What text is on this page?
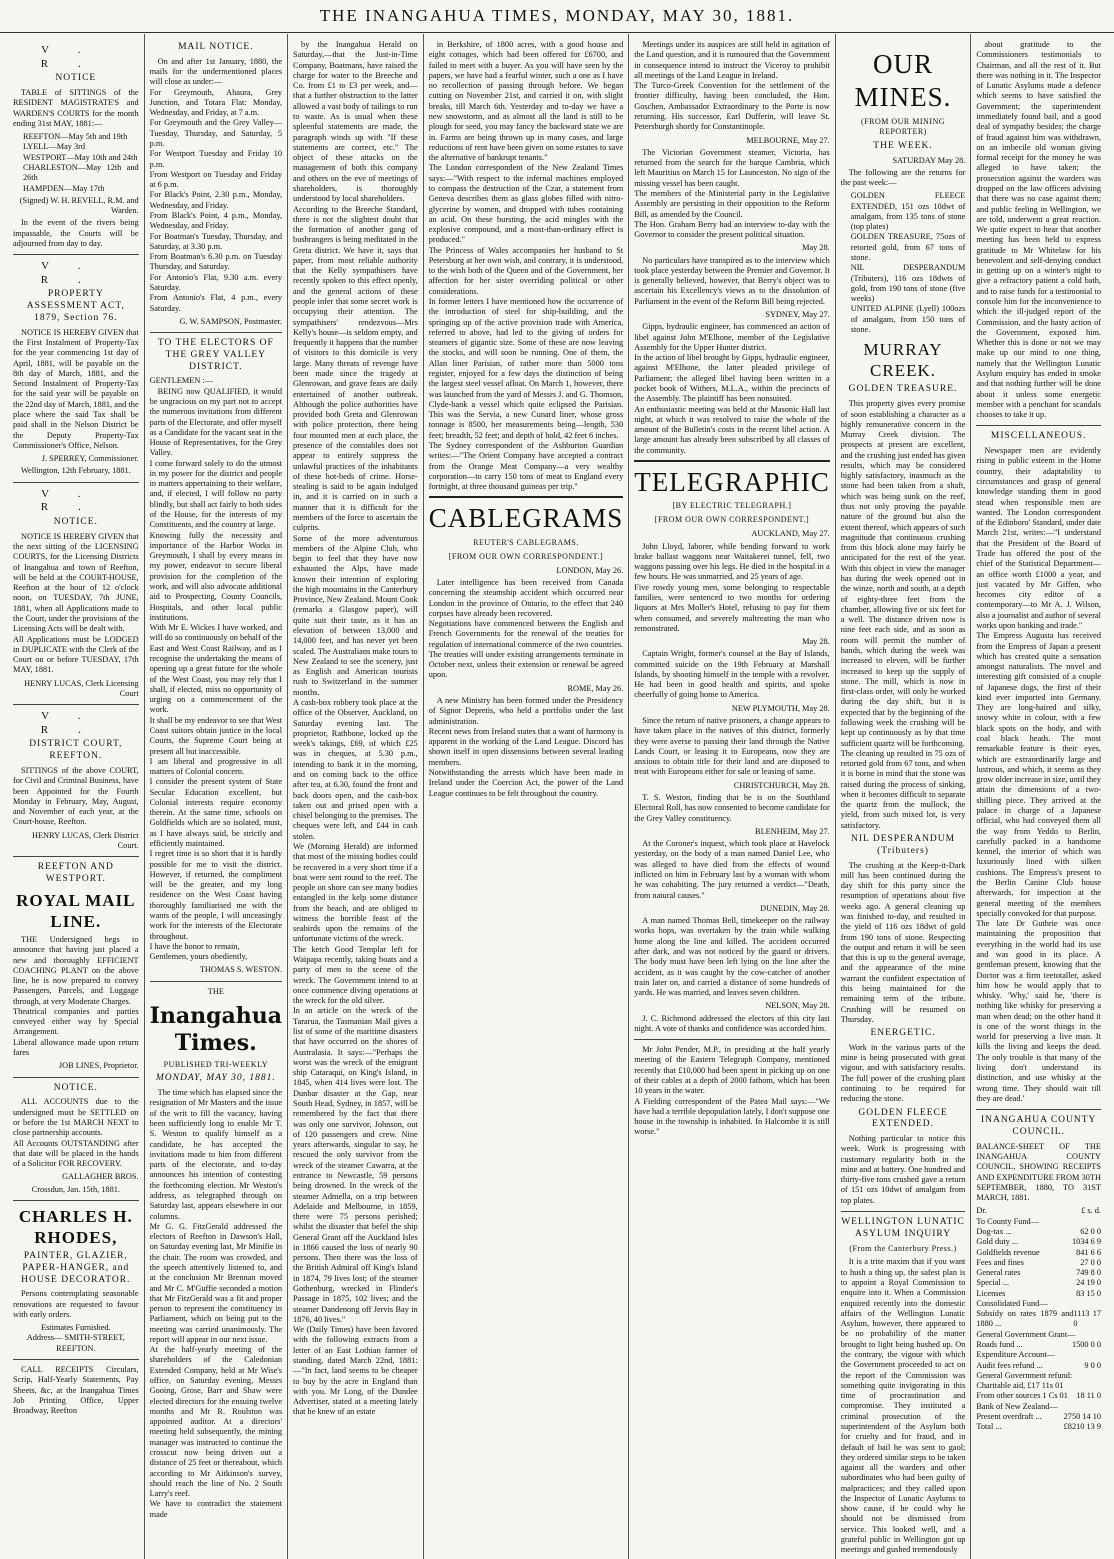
THE INANGAHUA TIMES, MONDAY, MAY 30, 1881.
V. R.
NOTICE

TABLE of SITTINGS of the RESIDENT MAGISTRATE'S and WARDEN'S COURTS for the month ending 31st MAY, 1881:—

REEFTON—May 5th and 19th
LYELL—May 3rd
WESTPORT—May 10th and 24th
CHARLESTON—May 12th and 26th
HAMPDEN—May 17th
(Signed) W. H. REVELL, R.M. and Warden.

In the event of the rivers being impassable, the Courts will be adjourned from day to day.

V. R.
PROPERTY ASSESSMENT ACT, 1879, Section 76.

NOTICE IS HEREBY GIVEN that the First Instalment of Property-Tax for the year commencing 1st day of April, 1881, will be payable on the 8th day of March, 1881, and the Second Instalment of Property-Tax for the said year will be payable on the 22nd day of March, 1881, and the place where the said Tax shall be paid shall in the Nelson District be the Deputy Property-Tax Commissioner's Office, Nelson.

J. SPERREY, Commissioner.
Wellington, 12th February, 1881.
V. R.
NOTICE.

NOTICE IS HEREBY GIVEN that the next sitting of the LICENSING COURTS, for the Licensing Districts of Inangahua and town of Reefton, will be held at the COURT-HOUSE, Reefton at the hour of 12 o'clock noon, on TUESDAY, 7th JUNE, 1881, when all Applications made to the Court, under the provisions of the Licensing Acts will be dealt with.
All Applications must be LODGED in DUPLICATE with the Clerk of the Court on or before TUESDAY, 17th MAY, 1881.

HENRY LUCAS, Clerk Licensing Court
V. R.
DISTRICT COURT, REEFTON.

SITTINGS of the above COURT, for Civil and Criminal Business, have been Appointed for the Fourth Monday in February, May, August, and November of each year, at the Court-house, Reefton.

HENRY LUCAS, Clerk District Court.
REEFTON AND WESTPORT.
ROYAL MAIL LINE.

THE Undersigned begs to announce that having just placed a new and thoroughly EFFICIENT COACHING PLANT on the above line, he is now prepared to convey Passengers, Parcels, and Luggage through, at very Moderate Charges.
Theatrical companies and parties conveyed either way by Special Arrangement.
Liberal allowance made upon return fares

JOB LINES, Proprietor.
NOTICE.

ALL ACCOUNTS due to the undersigned must be SETTLED on or before the 1st MARCH NEXT to close partnership accounts.
All Accounts OUTSTANDING after that date will be placed in the hands of a Solicitor FOR RECOVERY.

GALLAGHER BROS.
Crossdun, Jan. 15th, 1881.
CHARLES H. RHODES,
PAINTER, GLAZIER, PAPER-HANGER, and HOUSE DECORATOR.

Persons contemplating seasonable renovations are requested to favour with early orders.

Estimates Furnished.
Address— SMITH-STREET, REEFTON.

CALL RECEIPTS Circulars, Scrip, Half-Yearly Statements, Pay Sheets, &c, at the Inangahua Times Job Printing Office, Upper Broadway, Reefton

MAIL NOTICE.

On and after 1st January, 1880, the mails for the undermentioned places will close as under:—
For Greymouth, Ahaura, Grey Junction, and Totara Flat: Monday, Wednesday, and Friday, at 7 a.m.
For Greymouth and the Grey Valley—Tuesday, Thursday, and Saturday, 5 p.m.
For Westport Tuesday and Friday 10 p.m.
From Westport on Tuesday and Friday at 6 p.m.
For Black's Point, 2.30 p.m., Monday, Wednesday, and Friday.
From Black's Point, 4 p.m., Monday, Wednesday, and Friday.
For Boatman's Tuesday, Thursday, and Saturday, at 3.30 p.m.
From Boatman's 6.30 p.m. on Tuesday Thursday, and Saturday.
For Antonio's Flat, 9.30 a.m. every Saturday.
From Antonio's Flat, 4 p.m., every Saturday.

G. W. SAMPSON, Postmaster.
TO THE ELECTORS OF THE GREY VALLEY DISTRICT.
GENTLEMEN :—

BEING now QUALIFIED, it would be ungracious on my part not to accept the numerous invitations from different parts of the Electorate, and offer myself as a Candidate for the vacant seat in the House of Representatives, for the Grey Valley.
I come forward solely to do the utmost in my power for the district and people in matters appertaining to their welfare, and, if elected, I will follow no party blindly, but shall act fairly to both sides of the House, for the interests of my Constituents, and the country at large.
Knowing fully the necessity and importance of the Harbor Works in Greymouth, I shall by every means in my power, endeavor to secure liberal provision for the completion of the work, and will also advocate additional aid to Prospecting, County Councils, Hospitals, and other local public institutions.
With Mr E. Wickes I have worked, and will do so continuously on behalf of the East and West Coast Railway, and as I recognise the undertaking the means of opening up a great future for the whole of the West Coast, you may rely that I shall, if elected, miss no opportunity of urging on a commencement of the work.
It shall be my endeavor to see that West Coast suitors obtain justice in the local Courts, the Supreme Court being at present all but inaccessible.
I am liberal and progressive in all matters of Colonial concern.
I consider the present system of State Secular Education excellent, but Colonial interests require economy therein. At the same time, schools on Goldfields which are so isolated, must, as I have always said, be strictly and efficiently maintained.
I regret time is so short that it is hardly possible for me to visit the district. However, if returned, the compliment will be the greater, and my long residence on the West Coast having thoroughly familiarised me with the wants of the people, I will unceasingly work for the interests of the Electorate throughout.
I have the honor to remain,
Gentlemen, yours obediently,

THOMAS S. WESTON.
THE
Inangahua Times.
PUBLISHED TRI-WEEKLY
MONDAY, MAY 30, 1881.

The time which has elapsed since the resignation of Mr Masters and the issue of the writ to fill the vacancy, having been sufficiently long to enable Mr T. S. Weston to qualify himself as a candidate, he has accepted the invitations made to him from different parts of the electorate, and to-day announces his intention of contesting the forthcoming election. Mr Weston's address, as telegraphed through on Saturday last, appears elsewhere in our columns.
Mr G. G. FitzGerald addressed the electors of Reefton in Dawson's Hall, on Saturday evening last, Mr Minifie in the chair. The room was crowded, and the speech attentively listened to, and at the conclusion Mr Brennan moved and Mr C. M'Guffie seconded a motion that Mr FitzGerald was a fit and proper person to represent the constituency in Parliament, which on being put to the meeting was carried unanimously. The report will appear in our next issue.
At the half-yearly meeting of the shareholders of the Caledonian Extended Company, held at Mr Wise's office, on Saturday evening, Messrs Gooing, Grose, Barr and Shaw were elected directors for the ensuing twelve months and Mr R. Roulston was appointed auditor. At a directors' meeting held subsequently, the mining manager was instructed to continue the crosscut now being driven out a distance of 25 feet or thereabout, which according to Mr Aitkinson's survey, should reach the line of No. 2 South Larry's reef.
We have to contradict the statement made

by the Inangahua Herald on Saturday,—that the Just-in-Time Company, Boatmans, have raised the charge for water to the Breeche and Co. from £1 to £3 per week, and—that a further obstruction to the latter allowed a vast body of tailings to run to waste. As is usual when these spleenful statements are made, the paragraph winds up with "If these statements are correct, etc." The object of these attacks on the management of both this company and others on the eve of meetings of shareholders, is thoroughly understood by local shareholders.
According to the Breeche Standard, there is not the slightest doubt that the formation of another gang of bushrangers is being meditated in the Greta district. We have it, says that paper, from most reliable authority that the Kelly sympathisers have recently spoken to this effect openly, and the general actions of these people infer that some secret work is occupying their attention. The sympathisers' rendezvous—Mrs Kelly's house—is seldom empty, and frequently it happens that the number of visitors to this domicile is very large. Many threats of revenge have been made since the tragedy at Glenrowan, and grave fears are daily entertained of another outbreak. Although the police authorities have provided both Greta and Glenrowan with police protection, there being four mounted men at each place, the presence of the constables does not appear to entirely suppress the unlawful practices of the inhabitants of these hot-beds of crime. Horse-stealing is said to be again indulged in, and it is carried on in such a manner that it is difficult for the members of the force to ascertain the culprits.
Some of the more adventurous members of the Alpine Club, who begin to feel that they have now exhausted the Alps, have made known their intention of exploring the high mountains in the Canterbury Province, New Zealand. Mount Cook (remarks a Glasgow paper), will quite suit their taste, as it has an elevation of between 13,000 and 14,000 feet, and has never yet been scaled. The Australians make tours to New Zealand to see the scenery, just as English and American tourists rush to Switzerland in the summer months.
A cash-box robbery took place at the office of the Observer, Auckland, on Saturday evening last. The proprietor, Rathbone, locked up the week's takings, £69, of which £25 was in cheques, at 5.30 p.m., intending to bank it in the morning, and on coming back to the office after tea, at 6.30, found the front and back doors open, and the cash-box taken out and prised open with a chisel belonging to the premises. The cheques were left, and £44 in cash stolen.
We (Morning Herald) are informed that most of the missing bodies could be recovered in a very short time if a boat were sent round to the reef. The people on shore can see many bodies entangled in the kelp some distance from the beach, and are obliged to witness the horrible feast of the seabirds upon the remains of the unfortunate victims of the wreck.
The ketch Good Templar left for Waipapa recently, taking boats and a party of men to the scene of the wreck. The Government intend to at once commence diving operations at the wreck for the old silver.
In an article on the wreck of the Tararua, the Tasmanian Mail gives a list of some of the maritime disasters that have occurred on the shores of Australasia. It says:—"Perhaps the worst was the wreck of the emigrant ship Cataraqui, on King's Island, in 1845, when 414 lives were lost. The Dunbar disaster at the Gap, near South Head, Sydney, in 1857, will be remembered by the fact that there was only one survivor, Johnson, out of 120 passengers and crew. Nine years afterwards, singular to say, he rescued the only survivor from the wreck of the steamer Cawarra, at the entrance to Newcastle, 59 persons being drowned. In the wreck of the steamer Admella, on a trip between Adelaide and Melbourne, in 1859, there were 75 persons perished; whilst the disaster that befel the ship General Grant off the Auckland Isles in 1866 caused the loss of nearly 90 persons. Then there was the loss of the British Admiral off King's Island in 1874, 79 lives lost; of the steamer Gothenburg, wrecked in Flinder's Passage in 1875, 102 lives; and the steamer Dandenong off Jervis Bay in 1876, 40 lives."
We (Daily Times) have been favored with the following extracts from a letter of an East Lothian farmer of standing, dated March 22nd, 1881:—"In fact, land seems to be cheaper to buy by the acre in England than with you. Mr Long, of the Dundee Advertiser, stated at a meeting lately that he knew of an estate

in Berkshire, of 1800 acres, with a good house and eight cottages, which had been offered for £6700, and failed to meet with a buyer. As you will have seen by the papers, we have had a fearful winter, such a one as I have no recollection of passing through before. We began cutting on November 21st, and carried it on, with slight breaks, till March 6th. Yesterday and to-day we have a new snowstorm, and as almost all the land is still to be plough for seed, you may fancy the backward state we are in. Farms are being thrown up in many cases, and large reductions of rent have been given on some estates to save the alternative of bankrupt tenants."
The London correspondent of the New Zealand Times says:—"With respect to the infernal machines employed to compass the destruction of the Czar, a statement from Geneva describes them as glass globes filled with nitro-glycerine by women, and dropped with tubes containing an acid. On these bursting, the acid mingles with the explosive compound, and a most-than-ordinary effect is produced."
The Princess of Wales accompanies her husband to St Petersburg at her own wish, and contrary, it is understood, to the wish both of the Queen and of the Government, her affection for her sister overriding political or other considerations.
In former letters I have mentioned how the occurrence of the introduction of steel for ship-building, and the springing up of the active provision trade with America, referred to above, had led to the giving of orders for steamers of gigantic size. Some of these are now leaving the stocks, and will soon be running. One of them, the Allan liner Parisian, of rather more than 5000 tons register, enjoyed for a few days the distinction of being the largest steel vessel afloat. On March 1, however, there was launched from the yard of Messrs J. and G. Thomson, Clyde-bank a vessel which quite eclipsed the Parisian. This was the Servia, a new Cunard liner, whose gross tonnage is 8500, her measurements being—length, 530 feet; breadth, 52 feet; and depth of hold, 42 feet 6 inches.
The Sydney correspondent of the Ashburton Guardian writes:—"The Orient Company have accepted a contract from the Orange Meat Company—a very wealthy corporation—to carry 150 tons of meat to England every fortnight, at three thousand guineas per trip."

CABLEGRAMS
REUTER'S CABLEGRAMS.
[FROM OUR OWN CORRESPONDENT.]
LONDON, May 26.

Later intelligence has been received from Canada concerning the steamship accident which occurred near London in the province of Ontario, to the effect that 240 corpses have already been recovered.
Negotiations have commenced between the English and French Governments for the renewal of the treaties for regulation of international commerce of the two countries. The treaties will under existing arrangements terminate in October next, unless their extension or renewal be agreed upon.

ROME, May 26.

A new Ministry has been formed under the Presidency of Signor Depretis, who held a portfolio under the last administration.
Recent news from Ireland states that a want of harmony is apparent in the working of the Land League. Discord has shown itself in open dissensions between several leading members.
Notwithstanding the arrests which have been made in Ireland under the Coercion Act, the power of the Land League continues to be felt throughout the country.

Meetings under its auspices are still held in agitation of the Land question, and it is rumoured that the Government in consequence intend to instruct the Viceroy to prohibit all meetings of the Land League in Ireland.
The Turco-Greek Convention for the settlement of the frontier difficulty, having been concluded, the Hon. Goschen, Ambassador Extraordinary to the Porte is now returning. His successor, Earl Dufferin, will leave St. Petersburgh shortly for Constantinople.

MELBOURNE, May 27.

The Victorian Government steamer, Victoria, has returned from the search for the barque Cambria, which left Mauritius on March 15 for Launceston. No sign of the missing vessel has been caught.
The members of the Ministerial party in the Legislative Assembly are persisting in their opposition to the Reform Bill, as amended by the Council.
The Hon. Graham Berry had an interview to-day with the Governor to consider the present political situation.

May 28.

No particulars have transpired as to the interview which took place yesterday between the Premier and Governor. It is generally believed, however, that Berry's object was to ascertain his Excellency's views as to the dissolution of Parliament in the event of the Reform Bill being rejected.

SYDNEY, May 27.

Gipps, hydraulic engineer, has commenced an action of libel against John M'Elhone, member of the Legislative Assembly for the Upper Hunter district.
In the action of libel brought by Gipps, hydraulic engineer, against M'Elhone, the latter pleaded privilege of Parliament; the alleged libel having been written in a pocket book of Withers, M.L.A., within the precincts of the Assembly. The plaintiff has been nonsuited.
An enthusiastic meeting was held at the Masonic Hall last night, at which it was resolved to raise the whole of the amount of the Bulletin's costs in the recent libel action. A large amount has already been subscribed by all classes of the community.

TELEGRAPHIC
[BY ELECTRIC TELEGRAPH.]
[FROM OUR OWN CORRESPONDENT.]
AUCKLAND, May 27.

John Lloyd, laborer, while bending forward to work brake ballast waggons near Waitakerei tunnel, fell, two waggons passing over his legs. He died in the hospital in a few hours. He was unmarried, and 25 years of age.
Five rowdy young men, some belonging to respectable families, were sentenced to two months for ordering liquors at Mrs Moller's Hotel, refusing to pay for them when consumed, and severely maltreating the man who remonstrated.

May 28.

Captain Wright, former's counsel at the Bay of Islands, committed suicide on the 19th February at Marshall Islands, by shooting himself in the temple with a revolver. He had been in good health and spirits, and spoke cheerfully of going home to America.

NEW PLYMOUTH, May 28.

Since the return of native prisoners, a change appears to have taken place in the natives of this district, formerly they were averse to passing their land through the Native Lands Court, or leasing it to Europeans, now they are anxious to obtain title for their land and are disposed to treat with Europeans either for sale or leasing of same.

CHRISTCHURCH, May 28.

T. S. Weston, finding that he is on the Southland Electoral Roll, has now consented to become candidate for the Grey Valley constituency.

BLENHEIM, May 27.

At the Coroner's inquest, which took place at Havelock yesterday, on the body of a man named Daniel Lee, who was alleged to have died from the effects of wound inflicted on him in February last by a woman with whom he was cohabiting. The jury returned a verdict—"Death, from natural causes."

DUNEDIN, May 28.

A man named Thomas Bell, timekeeper on the railway works hops, was overtaken by the train while walking home along the line and killed. The accident occurred after dark, and was not noticed by the guard or drivers. The body must have been left lying on the line after the accident, as it was caught by the cow-catcher of another train later on, and carried a distance of some hundreds of yards. He was married, and leaves seven children.

NELSON, May 28.

J. C. Richmond addressed the electors of this city last night. A vote of thanks and confidence was accorded him.

Mr John Pender, M.P., in presiding at the half yearly meeting of the Eastern Telegraph Company, mentioned recently that £10,000 had been spent in picking up on one of their cables at a depth of 2000 fathom, which has been 10 years in the water.
A Fielding correspondent of the Patea Mail says:—"We have had a terrible depopulation lately, I don't suppose one house in the township is inhabited. In Halcombe it is still worse."

OUR MINES.
(FROM OUR MINING REPORTER)
THE WEEK.
SATURDAY May 28.

The following are the returns for the past week:—

GOLDEN FLEECE EXTENDED, 151 ozs 10dwt of amalgam, from 135 tons of stone (top plates)
GOLDEN TREASURE, 75ozs of retorted gold, from 67 tons of stone.
NIL DESPERANDUM (Tributers), 116 ozs 18dwts of gold, from 190 tons of stone (five weeks)
UNITED ALPINE (Lyell) 100ozs of amalgam, from 150 tons of stone.
MURRAY CREEK.
GOLDEN TREASURE.

This property gives every promise of soon establishing a character as a highly remunerative concern in the Murray Creek division. The prospects at present are excellent, and the crushing just ended has given results, which may be considered highly satisfactory, inasmuch as the stone had been taken from a shaft, which was being sunk on the reef, thus not only proving the payable nature of the ground but also the extent thereof, which appears of such magnitude that continuous crushing from this block alone may fairly be anticipated for the rest of the year. With this object in view the manager has during the week opened out in the winze, north and south, at a depth of eighty-three feet from the chamber, allowing five or six feet for a well. The distance driven now is nine feet each side, and as soon as room will permit the number of hands, which during the week was increased to eleven, will be further increased to keep up the supply of stone. The mill, which is now in first-class order, will only be worked during the day shift, but it is expected that by the beginning of the following week the crushing will be kept up continuously as by that time sufficient quartz will be forthcoming.
The cleaning up resulted in 75 ozs of retorted gold from 67 tons, and when it is borne in mind that the stone was raised during the process of sinking, when it becomes difficult to separate the quartz from the mullock, the yield, from such mixed lot, is very satisfactory.

NIL DESPERANDUM (Tributers)

The crushing at the Keep-it-Dark mill has been continued during the day shift for this party since the resumption of operations about five weeks ago. A general cleaning up was finished to-day, and resulted in the yield of 116 ozs 18dwt of gold from 190 tons of stone. Respecting the output and return it will be seen that this is up to the general average, and the appearance of the mine warrant the confident expectation of this being maintained for the remaining term of the tribute. Crushing will be resumed on Thursday.

ENERGETIC.

Work in the various parts of the mine is being prosecuted with great vigour, and with satisfactory results. The full power of the crushing plant continuing to be required for reducing the stone.

GOLDEN FLEECE EXTENDED.

Nothing particular to notice this week. Work is progressing with customary regularity both in the mine and at battery. One hundred and thirty-five tons crushed gave a return of 151 ozs 10dwt of amalgam from top plates.

WELLINGTON LUNATIC ASYLUM INQUIRY
(From the Canterbury Press.)

It is a trite maxim that if you want to hush a thing up, the safest plan is to appoint a Royal Commission to enquire into it. When a Commission enquired recently into the domestic affairs of the Wellington Lunatic Asylum, however, there appeared to be no probability of the matter brought to light being hushed up. On the contrary, the vigour with which the Government proceeded to act on the report of the Commission was something quite invigorating in this time of procrastination and compromise. They instituted a criminal prosecution of the superintendent of the Asylum both for cruelty and for fraud, and in default of bail he was sent to gaol; they ordered similar steps to be taken against all the warders and other subordinates who had been guilty of malpractices; and they called upon the Inspector of Lunatic Asylums to show cause, if he could why he should not be dismissed from service. This looked well, and a grateful public in Wellington got up meetings and gushed tremendously

about gratitude to the Commissioners testimonials to Chairman, and all the rest of it. But there was nothing in it. The Inspector of Lunatic Asylums made a defence which seems to have satisfied the Government; the superintendent immediately found bail, and a good deal of sympathy besides; the charge of fraud against him was withdrawn, on an imbecile old woman giving formal receipt for the money he was alleged to have taken; the prosecution against the warders was dropped on the law officers advising that there was no case against them; and public feeling in Wellington, we are told, underwent a great reaction. We quite expect to hear that another meeting has been held to express gratitude to Mr Whitelaw for his benevolent and self-denying conduct in getting up on a winter's night to give a refractory patient a cold bath, and to raise funds for a testimonial to console him for the inconvenience to which the ill-judged report of the Commission, and the hasty action of the Government, exposed him. Whether this is done or not we may make up our mind to one thing, namely that the Wellington Lunatic Asylum enquiry has ended in smoke and that nothing further will be done about it unless some energetic member with a penchant for scandals chooses to take it up.

MISCELLANEOUS.

Newspaper men are evidently rising in public esteem in the Home country, their adaptability to circumstances and grasp of general knowledge standing them in good stead when responsible men are wanted. The London correspondent of the Edinboro' Standard, under date March 21st, writes:—"I understand that the President of the Board of Trade has offered the post of the chief of the Statistical Department—an office worth £1000 a year, and just vacated by Mr Giffen, who becomes city editor of a contemporary—to Mr A. J. Wilson, also a journalist and author of several works upon banking and trade."
The Empress Augusta has received from the Empress of Japan a present which has created quite a sensation amongst naturalists. The novel and interesting gift consisted of a couple of Japanese dogs, the first of their kind ever imported into Germany. They are long-haired and silky, snowy white in colour, with a few black spots on the body, and with coal black heads. The most remarkable feature is their eyes, which are extraordinarily large and lustrous, and which, it seems as they grow older increase in size, until they attain the dimensions of a two-shilling piece. They arrived at the palace in charge of a Japanese official, who had conveyed them all the way from Yeddo to Berlin, carefully packed in a handsome kennel, the interior of which was luxuriously lined with silken cushions. The Empress's present to the Berlin Canine Club house afterwards, for inspection at the general meeting of the members specially convoked for that purpose.
The late Dr Guthrie was once maintaining the proposition that everything in the world had its use and was good in its place. A gentleman present, knowing that the Doctor was a firm teetotaller, asked him how he would apply that to whisky. 'Why,' said he, 'there is nothing like whisky for preserving a man when dead; on the other hand it is one of the worst things in the world for preserving a live man. It kills the living and keeps the dead. The only trouble is that many of the living don't understand its distinction, and use whisky at the wrong time. They should wait till they are dead.'

INANGAHUA COUNTY COUNCIL.

BALANCE-SHEET OF THE INANGAHUA COUNTY COUNCIL, SHOWING RECEIPTS AND EXPENDITURE FROM 30TH SEPTEMBER, 1880, TO 31ST MARCH, 1881.

Dr.	£ s. d.
To County Fund—
Dog-tax ...	62 0 0
Gold duty ...	1034 6 9
Goldfields revenue	841 6 6
Fees and fines	27 0 0
General rates	749 8 0
Special ...	24 19 0
Licenses	83 15 0
Consolidated Fund—
Subsidy on rates 1879 and 1880 ...
1113 17 0
General Government Grant—
Roads fund ...	1500 0 0
Expenditure Account—
Audit fees refund ...	9 0 0
General Government refund:
Charitable aid, £17 11s 01
From other sources 1 Cs 01 18 11 0
Bank of New Zealand—
Present overdraft ...	2750 14 10
Total ...	£8210 13 9
